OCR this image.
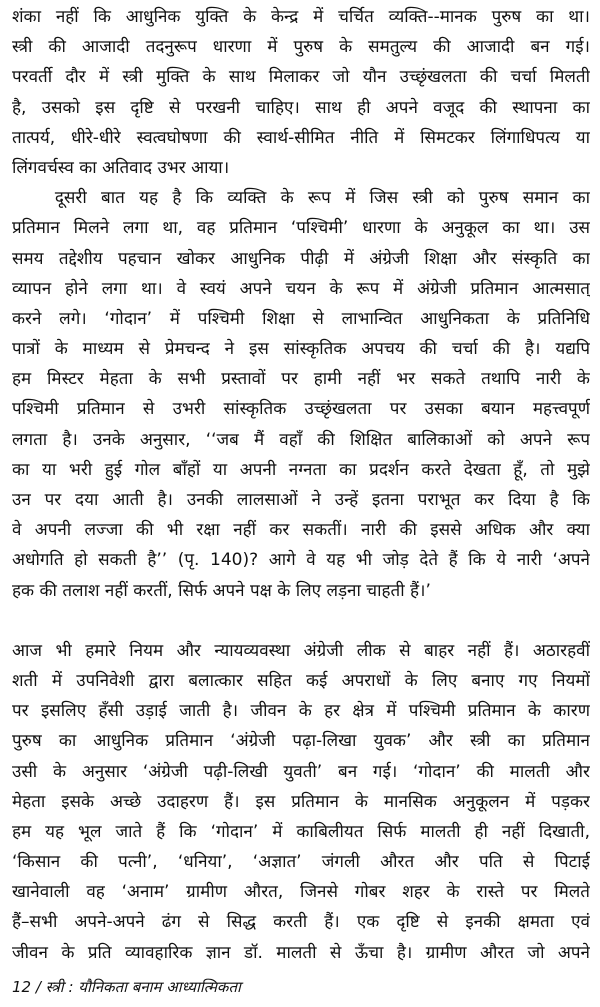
शंका नहीं कि आधुनिक युक्ति के केन्द्र में चर्चित व्यक्ति--मानक पुरुष का था।
स्त्री की आजादी तदनुरूप धारणा में पुरुष के समतुल्य की आजादी बन गई।
परवर्ती दौर में स्त्री मुक्ति के साथ मिलाकर जो यौन उच्छृंखलता की चर्चा मिलती
है, उसको इस दृष्टि से परखनी चाहिए। साथ ही अपने वजूद की स्थापना का
तात्पर्य, धीरे-धीरे स्वत्वघोषणा की स्वार्थ-सीमित नीति में सिमटकर लिंगाधिपत्य या
लिंगवर्चस्व का अतिवाद उभर आया।
दूसरी बात यह है कि व्यक्ति के रूप में जिस स्त्री को पुरुष समान का
प्रतिमान मिलने लगा था, वह प्रतिमान ‘पश्चिमी’ धारणा के अनुकूल का था। उस
समय तद्देशीय पहचान खोकर आधुनिक पीढ़ी में अंग्रेजी शिक्षा और संस्कृति का
व्यापन होने लगा था। वे स्वयं अपने चयन के रूप में अंग्रेजी प्रतिमान आत्मसात्
करने लगे। ‘गोदान’ में पश्चिमी शिक्षा से लाभान्वित आधुनिकता के प्रतिनिधि
पात्रों के माध्यम से प्रेमचन्द ने इस सांस्कृतिक अपचय की चर्चा की है। यद्यपि
हम मिस्टर मेहता के सभी प्रस्तावों पर हामी नहीं भर सकते तथापि नारी के
पश्चिमी प्रतिमान से उभरी सांस्कृतिक उच्छृंखलता पर उसका बयान महत्त्वपूर्ण
लगता है। उनके अनुसार, ‘‘जब मैं वहाँ की शिक्षित बालिकाओं को अपने रूप
का या भरी हुई गोल बाँहों या अपनी नग्नता का प्रदर्शन करते देखता हूँ, तो मुझे
उन पर दया आती है। उनकी लालसाओं ने उन्हें इतना पराभूत कर दिया है कि
वे अपनी लज्जा की भी रक्षा नहीं कर सकतीं। नारी की इससे अधिक और क्या
अधोगति हो सकती है’’ (पृ. 140)? आगे वे यह भी जोड़ देते हैं कि ये नारी ‘अपने
हक की तलाश नहीं करतीं, सिर्फ अपने पक्ष के लिए लड़ना चाहती हैं।’
आज भी हमारे नियम और न्यायव्यवस्था अंग्रेजी लीक से बाहर नहीं हैं। अठारहवीं
शती में उपनिवेशी द्वारा बलात्कार सहित कई अपराधों के लिए बनाए गए नियमों
पर इसलिए हँसी उड़ाई जाती है। जीवन के हर क्षेत्र में पश्चिमी प्रतिमान के कारण
पुरुष का आधुनिक प्रतिमान ‘अंग्रेजी पढ़ा-लिखा युवक’ और स्त्री का प्रतिमान
उसी के अनुसार ‘अंग्रेजी पढ़ी-लिखी युवती’ बन गई। ‘गोदान’ की मालती और
मेहता इसके अच्छे उदाहरण हैं। इस प्रतिमान के मानसिक अनुकूलन में पड़कर
हम यह भूल जाते हैं कि ‘गोदान’ में काबिलीयत सिर्फ मालती ही नहीं दिखाती,
‘किसान की पत्नी’, ‘धनिया’, ‘अज्ञात’ जंगली औरत और पति से पिटाई
खानेवाली वह ‘अनाम’ ग्रामीण औरत, जिनसे गोबर शहर के रास्ते पर मिलते
हैं–सभी अपने-अपने ढंग से सिद्ध करती हैं। एक दृष्टि से इनकी क्षमता एवं
जीवन के प्रति व्यावहारिक ज्ञान डॉ. मालती से ऊँचा है। ग्रामीण औरत जो अपने
12 / स्त्री : यौनिकता बनाम आध्यात्मिकता
